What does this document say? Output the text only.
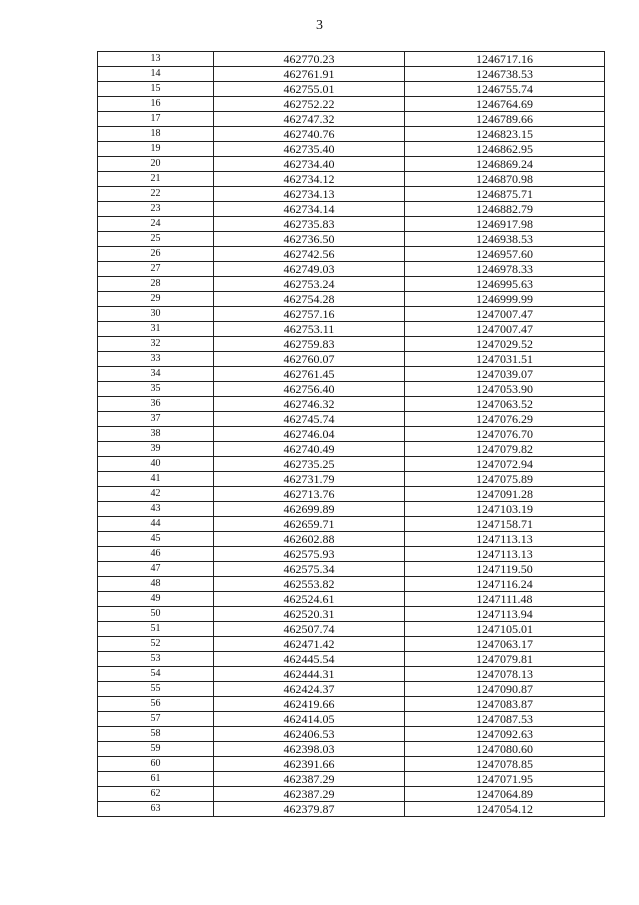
3
13	462770.23	1246717.16
14	462761.91	1246738.53
15	462755.01	1246755.74
16	462752.22	1246764.69
17	462747.32	1246789.66
18	462740.76	1246823.15
19	462735.40	1246862.95
20	462734.40	1246869.24
21	462734.12	1246870.98
22	462734.13	1246875.71
23	462734.14	1246882.79
24	462735.83	1246917.98
25	462736.50	1246938.53
26	462742.56	1246957.60
27	462749.03	1246978.33
28	462753.24	1246995.63
29	462754.28	1246999.99
30	462757.16	1247007.47
31	462753.11	1247007.47
32	462759.83	1247029.52
33	462760.07	1247031.51
34	462761.45	1247039.07
35	462756.40	1247053.90
36	462746.32	1247063.52
37	462745.74	1247076.29
38	462746.04	1247076.70
39	462740.49	1247079.82
40	462735.25	1247072.94
41	462731.79	1247075.89
42	462713.76	1247091.28
43	462699.89	1247103.19
44	462659.71	1247158.71
45	462602.88	1247113.13
46	462575.93	1247113.13
47	462575.34	1247119.50
48	462553.82	1247116.24
49	462524.61	1247111.48
50	462520.31	1247113.94
51	462507.74	1247105.01
52	462471.42	1247063.17
53	462445.54	1247079.81
54	462444.31	1247078.13
55	462424.37	1247090.87
56	462419.66	1247083.87
57	462414.05	1247087.53
58	462406.53	1247092.63
59	462398.03	1247080.60
60	462391.66	1247078.85
61	462387.29	1247071.95
62	462387.29	1247064.89
63	462379.87	1247054.12
